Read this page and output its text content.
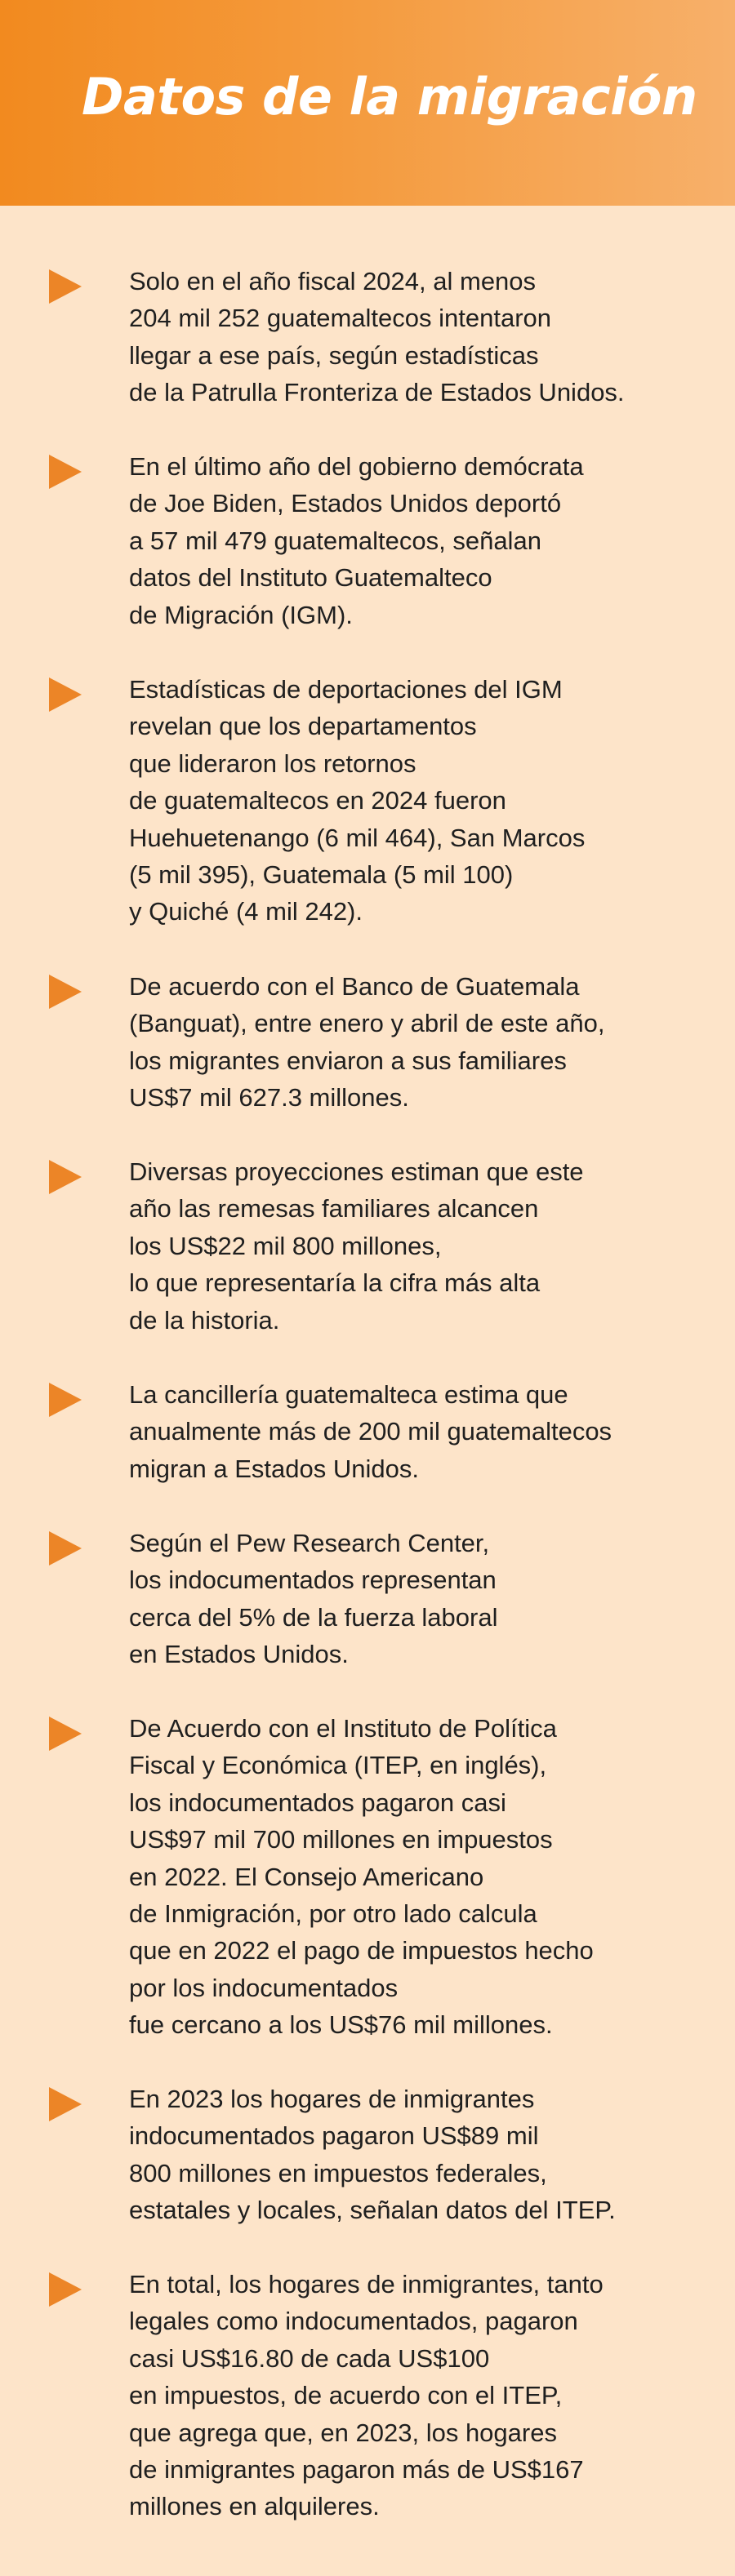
Datos de la migración

Solo en el año fiscal 2024, al menos
204 mil 252 guatemaltecos intentaron
llegar a ese país, según estadísticas
de la Patrulla Fronteriza de Estados Unidos.

En el último año del gobierno demócrata
de Joe Biden, Estados Unidos deportó
a 57 mil 479 guatemaltecos, señalan
datos del Instituto Guatemalteco
de Migración (IGM).

Estadísticas de deportaciones del IGM
revelan que los departamentos
que lideraron los retornos
de guatemaltecos en 2024 fueron
Huehuetenango (6 mil 464), San Marcos
(5 mil 395), Guatemala (5 mil 100)
y Quiché (4 mil 242).

De acuerdo con el Banco de Guatemala
(Banguat), entre enero y abril de este año,
los migrantes enviaron a sus familiares
US$7 mil 627.3 millones.

Diversas proyecciones estiman que este
año las remesas familiares alcancen
los US$22 mil 800 millones,
lo que representaría la cifra más alta
de la historia.

La cancillería guatemalteca estima que
anualmente más de 200 mil guatemaltecos
migran a Estados Unidos.

Según el Pew Research Center,
los indocumentados representan
cerca del 5% de la fuerza laboral
en Estados Unidos.

De Acuerdo con el Instituto de Política
Fiscal y Económica (ITEP, en inglés),
los indocumentados pagaron casi
US$97 mil 700 millones en impuestos
en 2022. El Consejo Americano
de Inmigración, por otro lado calcula
que en 2022 el pago de impuestos hecho
por los indocumentados
fue cercano a los US$76 mil millones.

En 2023 los hogares de inmigrantes
indocumentados pagaron US$89 mil
800 millones en impuestos federales,
estatales y locales, señalan datos del ITEP.

En total, los hogares de inmigrantes, tanto
legales como indocumentados, pagaron
casi US$16.80 de cada US$100
en impuestos, de acuerdo con el ITEP,
que agrega que, en 2023, los hogares
de inmigrantes pagaron más de US$167
millones en alquileres.
